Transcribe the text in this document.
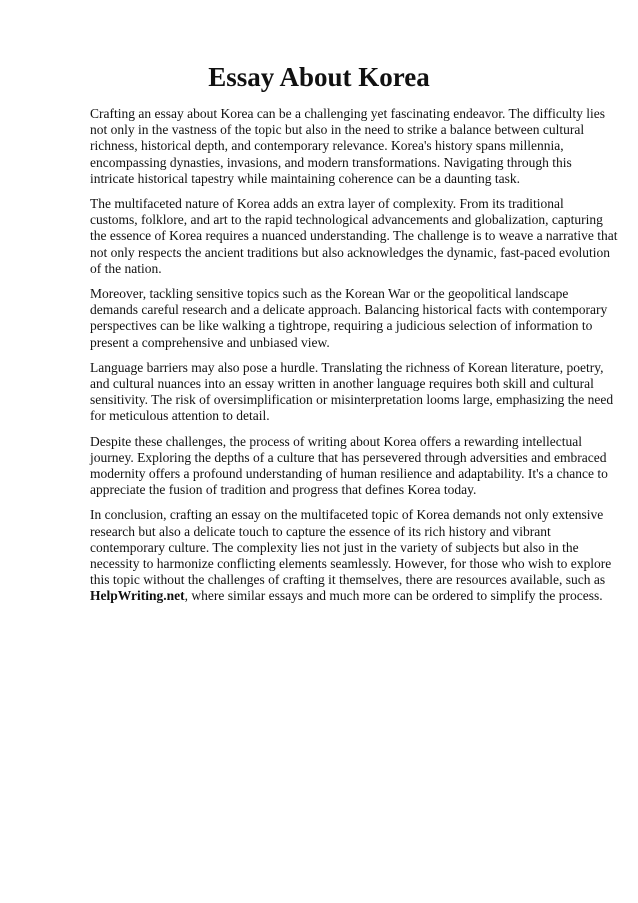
Essay About Korea

Crafting an essay about Korea can be a challenging yet fascinating endeavor. The difficulty lies
not only in the vastness of the topic but also in the need to strike a balance between cultural
richness, historical depth, and contemporary relevance. Korea's history spans millennia,
encompassing dynasties, invasions, and modern transformations. Navigating through this
intricate historical tapestry while maintaining coherence can be a daunting task.

The multifaceted nature of Korea adds an extra layer of complexity. From its traditional
customs, folklore, and art to the rapid technological advancements and globalization, capturing
the essence of Korea requires a nuanced understanding. The challenge is to weave a narrative that
not only respects the ancient traditions but also acknowledges the dynamic, fast-paced evolution
of the nation.

Moreover, tackling sensitive topics such as the Korean War or the geopolitical landscape
demands careful research and a delicate approach. Balancing historical facts with contemporary
perspectives can be like walking a tightrope, requiring a judicious selection of information to
present a comprehensive and unbiased view.

Language barriers may also pose a hurdle. Translating the richness of Korean literature, poetry,
and cultural nuances into an essay written in another language requires both skill and cultural
sensitivity. The risk of oversimplification or misinterpretation looms large, emphasizing the need
for meticulous attention to detail.

Despite these challenges, the process of writing about Korea offers a rewarding intellectual
journey. Exploring the depths of a culture that has persevered through adversities and embraced
modernity offers a profound understanding of human resilience and adaptability. It's a chance to
appreciate the fusion of tradition and progress that defines Korea today.

In conclusion, crafting an essay on the multifaceted topic of Korea demands not only extensive
research but also a delicate touch to capture the essence of its rich history and vibrant
contemporary culture. The complexity lies not just in the variety of subjects but also in the
necessity to harmonize conflicting elements seamlessly. However, for those who wish to explore
this topic without the challenges of crafting it themselves, there are resources available, such as
HelpWriting.net, where similar essays and much more can be ordered to simplify the process.
